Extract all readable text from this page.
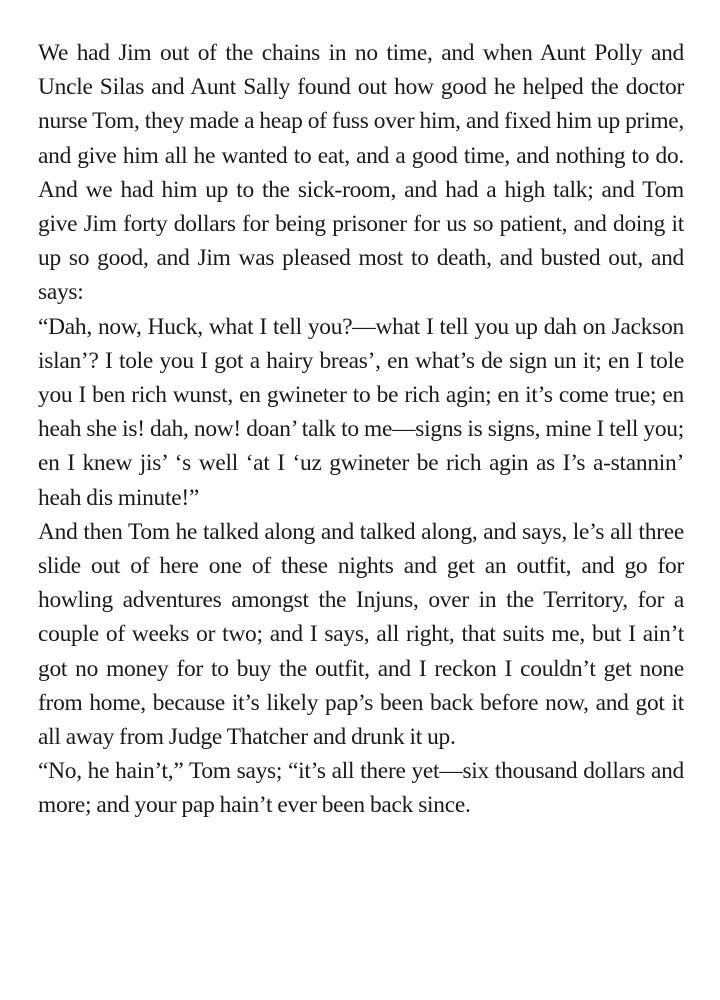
We had Jim out of the chains in no time, and when Aunt Polly and Uncle Silas and Aunt Sally found out how good he helped the doctor nurse Tom, they made a heap of fuss over him, and fixed him up prime, and give him all he wanted to eat, and a good time, and nothing to do. And we had him up to the sick-room, and had a high talk; and Tom give Jim forty dollars for being prisoner for us so patient, and doing it up so good, and Jim was pleased most to death, and busted out, and says:

“Dah, now, Huck, what I tell you?—what I tell you up dah on Jackson islan’? I tole you I got a hairy breas’, en what’s de sign un it; en I tole you I ben rich wunst, en gwineter to be rich agin; en it’s come true; en heah she is! dah, now! doan’ talk to me—signs is signs, mine I tell you; en I knew jis’ ‘s well ‘at I ‘uz gwineter be rich agin as I’s a-stannin’ heah dis minute!”

And then Tom he talked along and talked along, and says, le’s all three slide out of here one of these nights and get an outfit, and go for howling adventures amongst the Injuns, over in the Territory, for a couple of weeks or two; and I says, all right, that suits me, but I ain’t got no money for to buy the outfit, and I reckon I couldn’t get none from home, because it’s likely pap’s been back before now, and got it all away from Judge Thatcher and drunk it up.

“No, he hain’t,” Tom says; “it’s all there yet—six thousand dollars and more; and your pap hain’t ever been back since.
